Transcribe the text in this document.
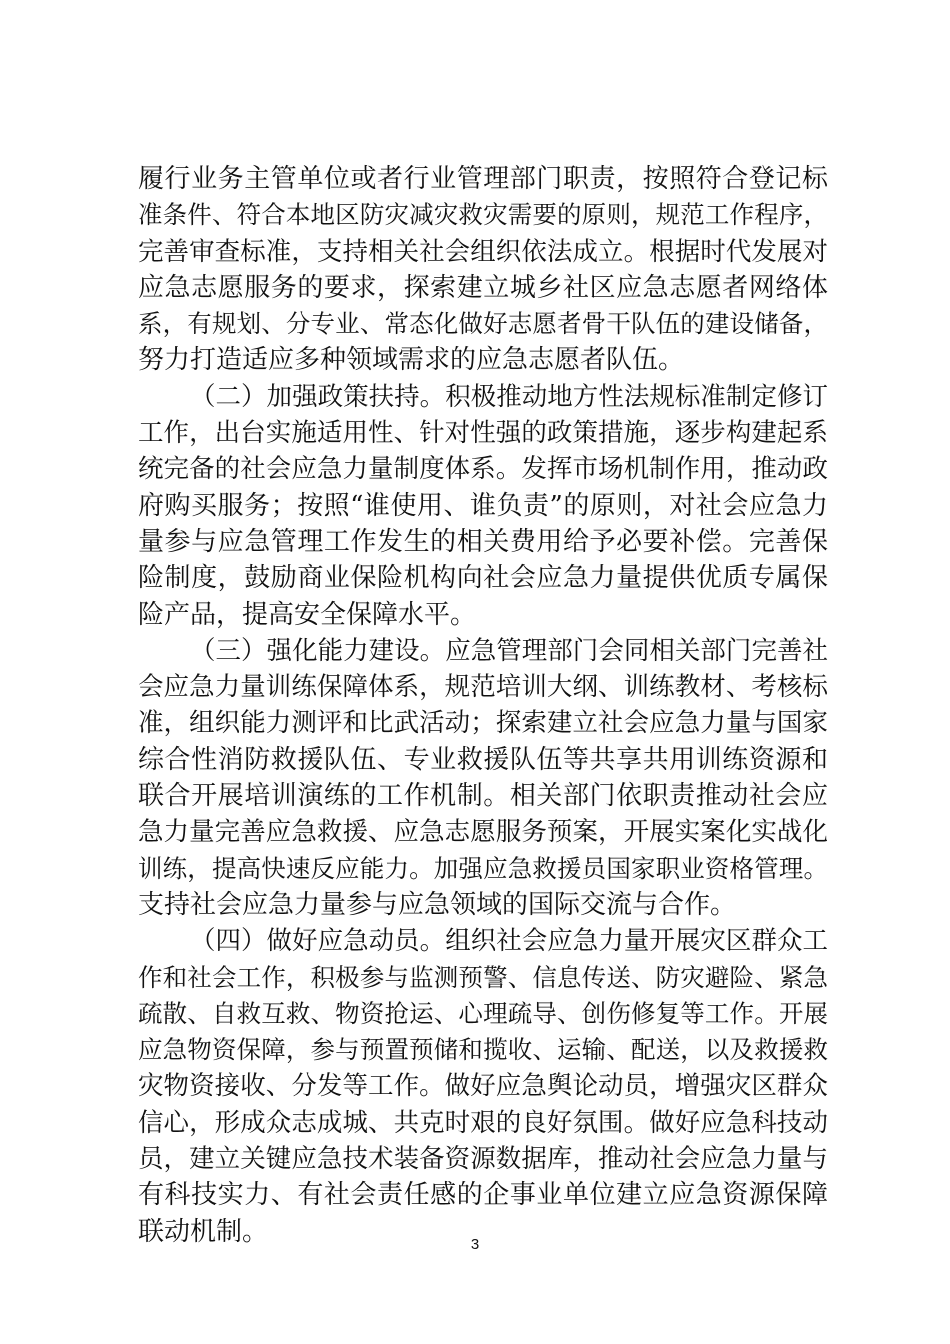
履行业务主管单位或者行业管理部门职责，按照符合登记标
准条件、符合本地区防灾减灾救灾需要的原则，规范工作程序，
完善审查标准，支持相关社会组织依法成立。根据时代发展对
应急志愿服务的要求，探索建立城乡社区应急志愿者网络体
系，有规划、分专业、常态化做好志愿者骨干队伍的建设储备，
努力打造适应多种领域需求的应急志愿者队伍。
（二）加强政策扶持。积极推动地方性法规标准制定修订
工作，出台实施适用性、针对性强的政策措施，逐步构建起系
统完备的社会应急力量制度体系。发挥市场机制作用，推动政
府购买服务；按照“谁使用、谁负责”的原则，对社会应急力
量参与应急管理工作发生的相关费用给予必要补偿。完善保
险制度，鼓励商业保险机构向社会应急力量提供优质专属保
险产品，提高安全保障水平。
（三）强化能力建设。应急管理部门会同相关部门完善社
会应急力量训练保障体系，规范培训大纲、训练教材、考核标
准，组织能力测评和比武活动；探索建立社会应急力量与国家
综合性消防救援队伍、专业救援队伍等共享共用训练资源和
联合开展培训演练的工作机制。相关部门依职责推动社会应
急力量完善应急救援、应急志愿服务预案，开展实案化实战化
训练，提高快速反应能力。加强应急救援员国家职业资格管理。
支持社会应急力量参与应急领域的国际交流与合作。
（四）做好应急动员。组织社会应急力量开展灾区群众工
作和社会工作，积极参与监测预警、信息传送、防灾避险、紧急
疏散、自救互救、物资抢运、心理疏导、创伤修复等工作。开展
应急物资保障，参与预置预储和揽收、运输、配送，以及救援救
灾物资接收、分发等工作。做好应急舆论动员，增强灾区群众
信心，形成众志成城、共克时艰的良好氛围。做好应急科技动
员，建立关键应急技术装备资源数据库，推动社会应急力量与
有科技实力、有社会责任感的企事业单位建立应急资源保障
联动机制。	3
